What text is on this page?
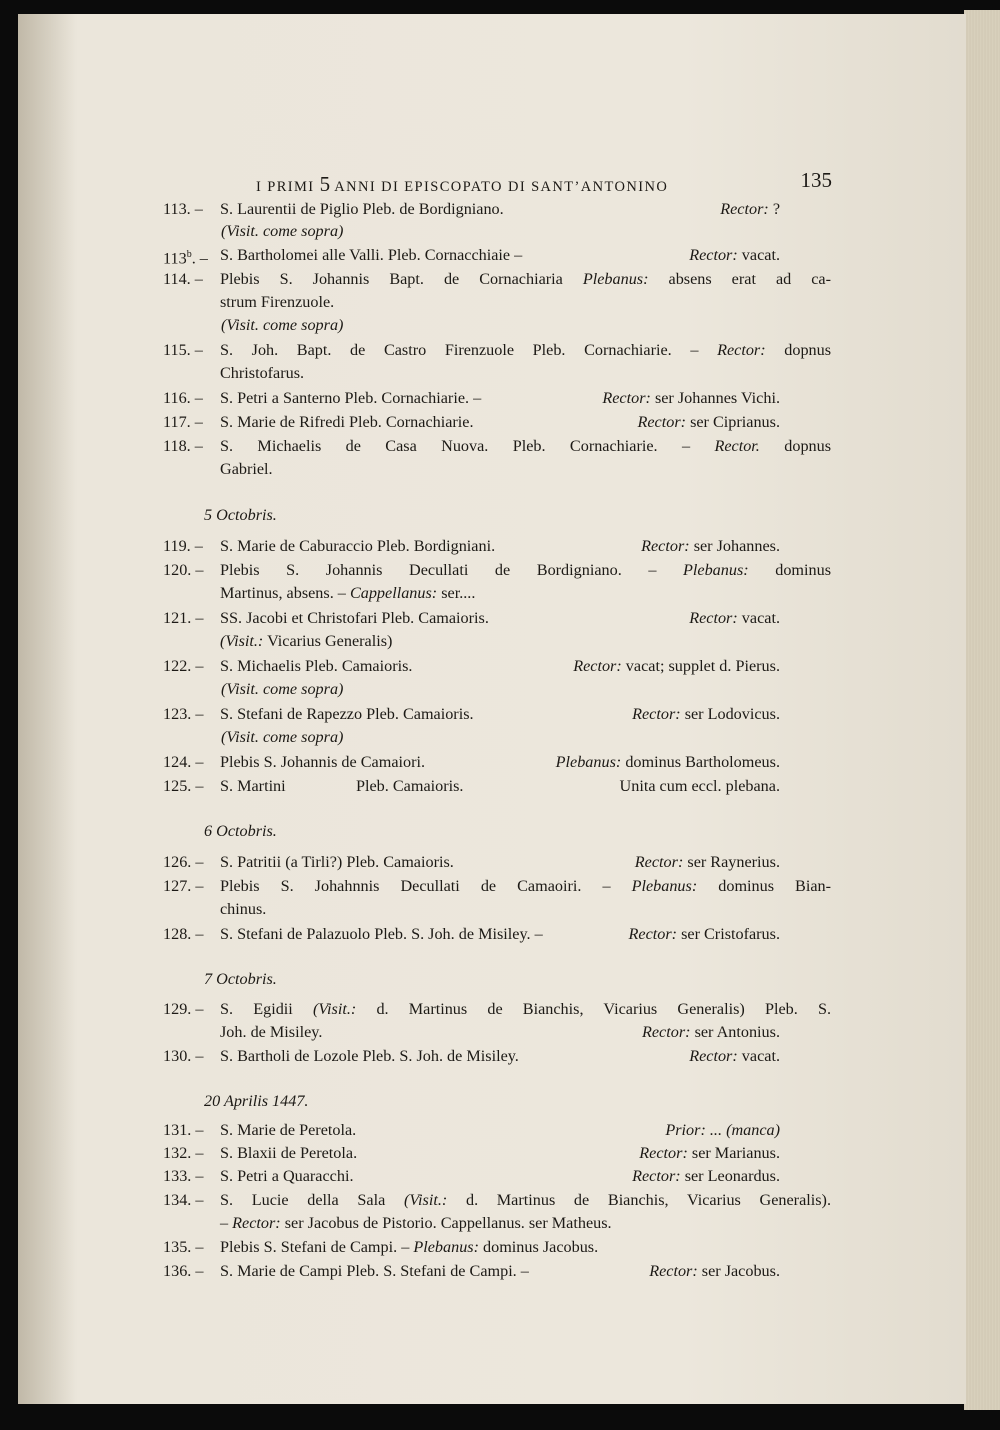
I PRIMI 5 ANNI DI EPISCOPATO DI SANT’ANTONINO	135
113. – S. Laurentii de Piglio Pleb. de Bordigniano.	Rector: ?
(Visit. come sopra)
113$^b$. – S. Bartholomei alle Valli. Pleb. Cornacchiaie –	Rector: vacat.
114. – Plebis S. Johannis Bapt. de Cornachiaria Plebanus: absens erat ad ca-
strum Firenzuole.
(Visit. come sopra)
115. – S. Joh. Bapt. de Castro Firenzuole Pleb. Cornachiarie. – Rector: dopnus
Christofarus.
116. – S. Petri a Santerno Pleb. Cornachiarie. –	Rector: ser Johannes Vichi.
117. – S. Marie de Rifredi Pleb. Cornachiarie.	Rector: ser Ciprianus.
118. – S. Michaelis de Casa Nuova. Pleb. Cornachiarie. – Rector. dopnus
Gabriel.
5 Octobris.
119. – S. Marie de Caburaccio Pleb. Bordigniani.	Rector: ser Johannes.
120. – Plebis S. Johannis Decullati de Bordigniano. – Plebanus: dominus
Martinus, absens. – Cappellanus: ser....
121. – SS. Jacobi et Christofari Pleb. Camaioris.	Rector: vacat.
(Visit.: Vicarius Generalis)
122. – S. Michaelis Pleb. Camaioris.	Rector: vacat; supplet d. Pierus.
(Visit. come sopra)
123. – S. Stefani de Rapezzo Pleb. Camaioris.	Rector: ser Lodovicus.
(Visit. come sopra)
124. – Plebis S. Johannis de Camaiori.	Plebanus: dominus Bartholomeus.
125. – S. Martini	Pleb. Camaioris.	Unita cum eccl. plebana.
6 Octobris.
126. – S. Patritii (a Tirli?) Pleb. Camaioris.	Rector: ser Raynerius.
127. – Plebis S. Johahnnis Decullati de Camaoiri. – Plebanus: dominus Bian-
chinus.
128. – S. Stefani de Palazuolo Pleb. S. Joh. de Misiley. –	Rector: ser Cristofarus.
7 Octobris.
129. – S. Egidii (Visit.: d. Martinus de Bianchis, Vicarius Generalis) Pleb. S.
Joh. de Misiley.	Rector: ser Antonius.
130. – S. Bartholi de Lozole Pleb. S. Joh. de Misiley.	Rector: vacat.
20 Aprilis 1447.
131. – S. Marie de Peretola.	Prior: ... (manca)
132. – S. Blaxii de Peretola.	Rector: ser Marianus.
133. – S. Petri a Quaracchi.	Rector: ser Leonardus.
134. – S. Lucie della Sala (Visit.: d. Martinus de Bianchis, Vicarius Generalis).
– Rector: ser Jacobus de Pistorio. Cappellanus. ser Matheus.
135. – Plebis S. Stefani de Campi. – Plebanus: dominus Jacobus.
136. – S. Marie de Campi Pleb. S. Stefani de Campi. –	Rector: ser Jacobus.
